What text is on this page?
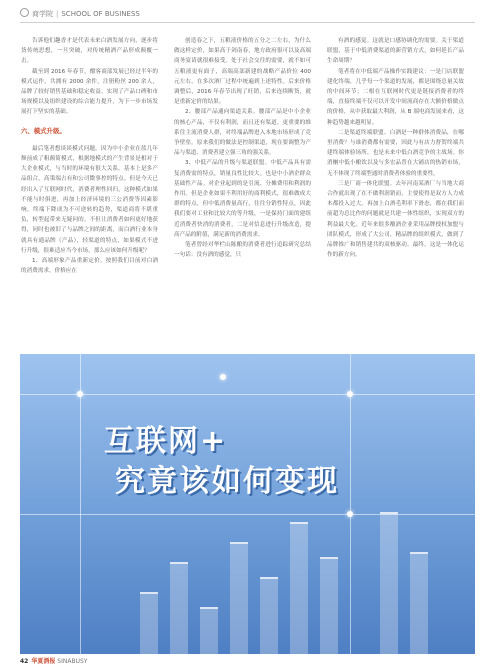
商学院 | SCHOOL OF BUSINESS

告诉他们趣香才是代表未来白酒发展方向，逐步将货传统思想，一旦突破，对传统精酒产品形成颠覆一击。

截至到 2016 年春节，酣客商部发展已经过半年的模式运作，共拥有 2000 余件，注册粉丝 200 余人，品牌了较好销售基础和稳定收益。实现了产品口碑和市场规模以及组织建设的综合能力提升，为下一步市场发展打下坚实的基础。

六、模式升级。

最后笔者想谈谈模式问题。因为中小企业在蓝几年颓前成了粗颠简模式，根据地模式的产生背景是相对于大企业模式，与当时的环境有很大关系。基本上是多产品组合，高策端占有和公司微事控的特点。但是今天已经出入了互联网时代，消费者理性回归，这种模式如果不能与时俱进，再加上经济环境的三公消费等因素影响，终端下降成为不可逆转的趋势，渠道商将不堪重负，转型起带来无疑问的。不但让消费者如何更好地获得，同时也被旧了与品牌之间的距离，而白酒行业本身就具有通品牌（产品），轻渠道的特点，如果模式不进行升级，很难适应当今市场，那么应该如何升级呢？

1、高端形象产品重新定价。按照我们目前对白酒的消费需求，价格应在

创造春之下，五粮液价格的五分之二左右，为什么做这样定价，如果高于剑南春，地方政府很可以及高端商务宴请就很难接受。处于社会交往的需要，就不如可五粮液更有面子，高端高部新建的战略产品价位 400 元左右，在多次酒厂过程中统遍到上述特性。后来价格调整后，2016 年春节出现了旺销，后来连续断货，就是重新定价的结果。

2、腰部产品通向渠道关系。腰部产品是中小企业的核心产品，不仅有利润，而且还有渠道。更重要的维系住主流消费人群，对终端品牌进入本地市场形成了竞争壁垒。原来我们的做法是控制渠道，现在要调整为产品与渠道、消费者建立强三角的强关系。

3、中低产品的升级与渠道联盟。中低产品具有需复消费需的特点，销量良性比较大。也是中小酒企群众基础性产品。对企业起到的是引流、分摊费用和利润的作用。但是企业如果不利用好的商利模式，很难做成大群的特点，但中低消费量高行，往往分销性特点，因此我们要对工业和比较大的等升级，一是保持门面的建组近消费者快消的消费者，二是对信息进行升级改造，提高产品的附值，满足新的消费需求。

笔者曾经对华栏山陈酿的消费者进行追踪研究总结一句话：没有酒的感觉，只

有酒的感觉。这就是口感协调化的需要。关于渠道联盟，基于中低消费渠道的新营销方式，如何延长产品生命周期？

笔者将在中低端产品操作实践建议：一是门店联盟建化终端，几乎每一个渠道的发展，都是围绕总量关故的中间环节；二根在互联网时代更是链接消费者的终端，直接终端不仅可以开发中间流商存在大额价格做点的价格，从中获取最大利润，从 B 端电商发展来看，这种趋势越来越明显。

二是渠道终端联盟。白酒是一种群体消费品，在哪里消费？与谁消费都有需要，因此与有店力督贺终端共建终端体验场所，也是未来中低白酒竞争的主战场。你消酗中低小酿饮以及与多宏品普在大铺店的热销市场，无不体现了终端型通时消费者体验的重要性。

三是厂商一体化联盟。去年河南某酒厂与当地大商合作就出现了在不做利润销而，主要使得是双方人力成本都投入过大，再加上白酒毛利率下滑态，都在我们而前超为总比作的问题就是共建一体性组织，实现双方的利益最大化。近年来很多酿酒企业采用品牌授权加盟与团队模式，形成了大公司，精品牌的组织模式，做到了品牌推广和销售建共的双核驱动。最终，这是一体化运作的新方向。

互联网+
究竟该如何变现
42 华夏酒报 SINABUSY
